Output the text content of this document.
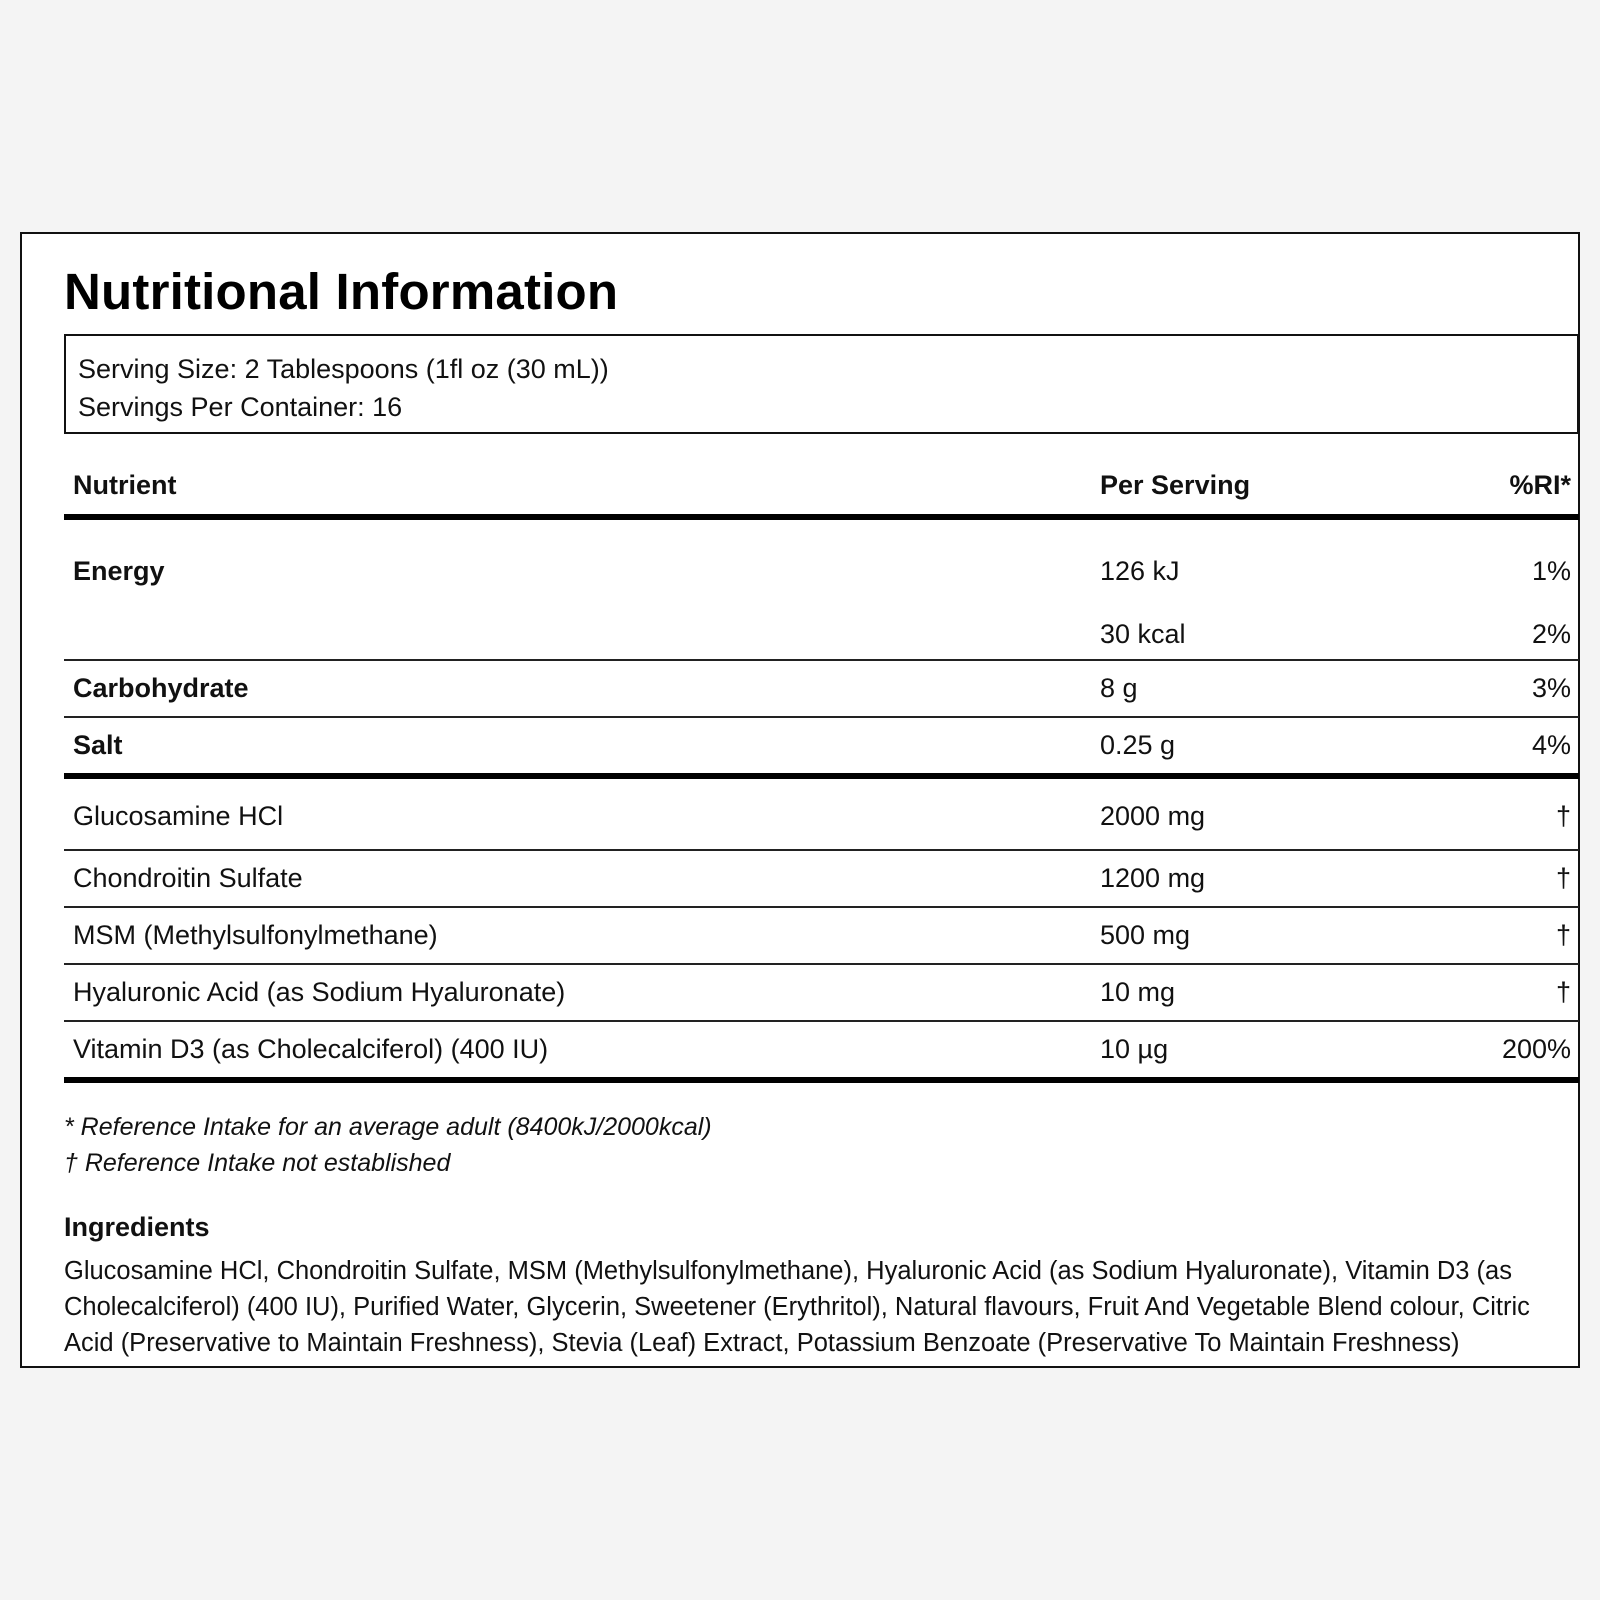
Nutritional Information
Serving Size: 2 Tablespoons (1fl oz (30 mL))
Servings Per Container: 16
Nutrient	Per Serving	%RI*
Energy	126 kJ	1%
	30 kcal	2%
Carbohydrate	8 g	3%
Salt	0.25 g	4%
Glucosamine HCl	2000 mg	†
Chondroitin Sulfate	1200 mg	†
MSM (Methylsulfonylmethane)	500 mg	†
Hyaluronic Acid (as Sodium Hyaluronate)	10 mg	†
Vitamin D3 (as Cholecalciferol) (400 IU)	10 µg	200%
* Reference Intake for an average adult (8400kJ/2000kcal)
† Reference Intake not established
Ingredients
Glucosamine HCl, Chondroitin Sulfate, MSM (Methylsulfonylmethane), Hyaluronic Acid (as Sodium Hyaluronate), Vitamin D3 (as Cholecalciferol) (400 IU), Purified Water, Glycerin, Sweetener (Erythritol), Natural flavours, Fruit And Vegetable Blend colour, Citric Acid (Preservative to Maintain Freshness), Stevia (Leaf) Extract, Potassium Benzoate (Preservative To Maintain Freshness)
